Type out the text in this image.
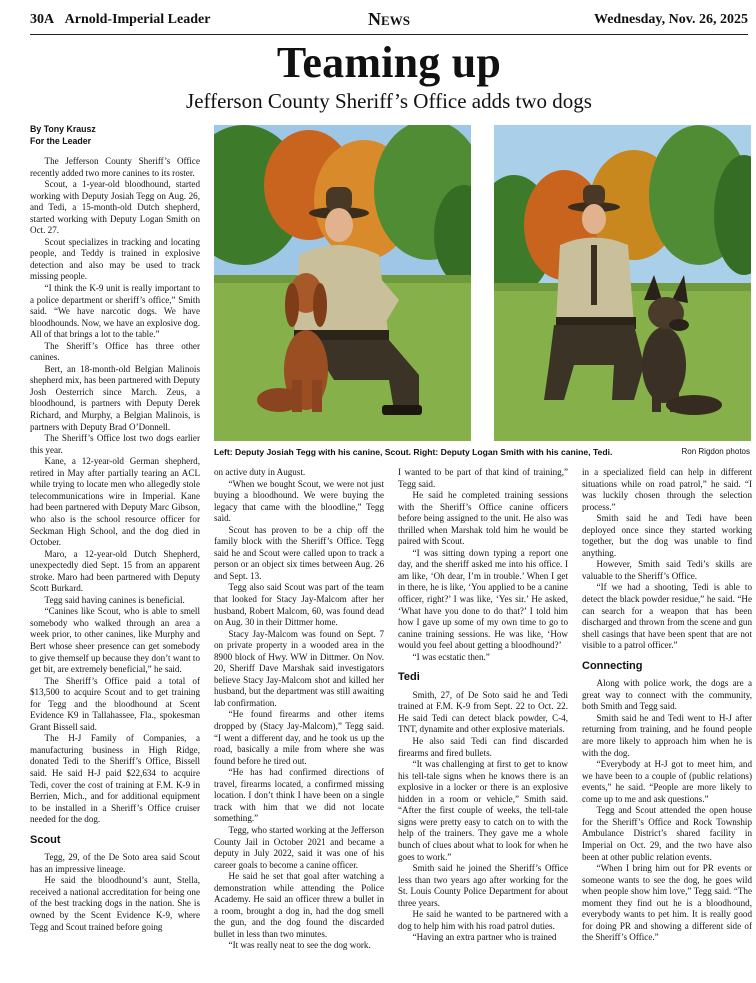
30A Arnold-Imperial Leader	News	Wednesday, Nov. 26, 2025
Teaming up
Jefferson County Sheriff’s Office adds two dogs
Left: Deputy Josiah Tegg with his canine, Scout. Right: Deputy Logan Smith with his canine, Tedi.	Ron Rigdon photos
By Tony Krausz
For the Leader

The Jefferson County Sheriff’s Office recently added two more canines to its roster.

Scout, a 1-year-old bloodhound, started working with Deputy Josiah Tegg on Aug. 26, and Tedi, a 15-month-old Dutch shepherd, started working with Deputy Logan Smith on Oct. 27.

Scout specializes in tracking and locating people, and Teddy is trained in explosive detection and also may be used to track missing people.

“I think the K-9 unit is really important to a police department or sheriff’s office,” Smith said. “We have narcotic dogs. We have bloodhounds. Now, we have an explosive dog. All of that brings a lot to the table.”

The Sheriff’s Office has three other canines.

Bert, an 18-month-old Belgian Malinois shepherd mix, has been partnered with Deputy Josh Oesterrich since March. Zeus, a bloodhound, is partners with Deputy Derek Richard, and Murphy, a Belgian Malinois, is partners with Deputy Brad O’Donnell.

The Sheriff’s Office lost two dogs earlier this year.

Kane, a 12-year-old German shepherd, retired in May after partially tearing an ACL while trying to locate men who allegedly stole telecommunications wire in Imperial. Kane had been partnered with Deputy Marc Gibson, who also is the school resource officer for Seckman High School, and the dog died in October.

Maro, a 12-year-old Dutch Shepherd, unexpectedly died Sept. 15 from an apparent stroke. Maro had been partnered with Deputy Scott Burkard.

Tegg said having canines is beneficial.

“Canines like Scout, who is able to smell somebody who walked through an area a week prior, to other canines, like Murphy and Bert whose sheer presence can get somebody to give themself up because they don’t want to get bit, are extremely beneficial,” he said.

The Sheriff’s Office paid a total of $13,500 to acquire Scout and to get training for Tegg and the bloodhound at Scent Evidence K9 in Tallahassee, Fla., spokesman Grant Bissell said.

The H-J Family of Companies, a manufacturing business in High Ridge, donated Tedi to the Sheriff’s Office, Bissell said. He said H-J paid $22,634 to acquire Tedi, cover the cost of training at F.M. K-9 in Berrien, Mich., and for additional equipment to be installed in a Sheriff’s Office cruiser needed for the dog.

Scout

Tegg, 29, of the De Soto area said Scout has an impressive lineage.

He said the bloodhound’s aunt, Stella, received a national accreditation for being one of the best tracking dogs in the nation. She is owned by the Scent Evidence K-9, where Tegg and Scout trained before going

on active duty in August.

“When we bought Scout, we were not just buying a bloodhound. We were buying the legacy that came with the bloodline,” Tegg said.

Scout has proven to be a chip off the family block with the Sheriff’s Office. Tegg said he and Scout were called upon to track a person or an object six times between Aug. 26 and Sept. 13.

Tegg also said Scout was part of the team that looked for Stacy Jay-Malcom after her husband, Robert Malcom, 60, was found dead on Aug. 30 in their Dittmer home.

Stacy Jay-Malcom was found on Sept. 7 on private property in a wooded area in the 8900 block of Hwy. WW in Dittmer. On Nov. 20, Sheriff Dave Marshak said investigators believe Stacy Jay-Malcom shot and killed her husband, but the department was still awaiting lab confirmation.

“He found firearms and other items dropped by (Stacy Jay-Malcom),” Tegg said. “I went a different day, and he took us up the road, basically a mile from where she was found before he tired out.

“He has had confirmed directions of travel, firearms located, a confirmed missing location. I don’t think I have been on a single track with him that we did not locate something.”

Tegg, who started working at the Jefferson County Jail in October 2021 and became a deputy in July 2022, said it was one of his career goals to become a canine officer.

He said he set that goal after watching a demonstration while attending the Police Academy. He said an officer threw a bullet in a room, brought a dog in, had the dog smell the gun, and the dog found the discarded bullet in less than two minutes.

“It was really neat to see the dog work.

I wanted to be part of that kind of training,” Tegg said.

He said he completed training sessions with the Sheriff’s Office canine officers before being assigned to the unit. He also was thrilled when Marshak told him he would be paired with Scout.

“I was sitting down typing a report one day, and the sheriff asked me into his office. I am like, ‘Oh dear, I’m in trouble.’ When I get in there, he is like, ‘You applied to be a canine officer, right?’ I was like, ‘Yes sir.’ He asked, ‘What have you done to do that?’ I told him how I gave up some of my own time to go to canine training sessions. He was like, ‘How would you feel about getting a bloodhound?’

“I was ecstatic then.”

Tedi

Smith, 27, of De Soto said he and Tedi trained at F.M. K-9 from Sept. 22 to Oct. 22. He said Tedi can detect black powder, C-4, TNT, dynamite and other explosive materials.

He also said Tedi can find discarded firearms and fired bullets.

“It was challenging at first to get to know his tell-tale signs when he knows there is an explosive in a locker or there is an explosive hidden in a room or vehicle,” Smith said. “After the first couple of weeks, the tell-tale signs were pretty easy to catch on to with the help of the trainers. They gave me a whole bunch of clues about what to look for when he goes to work.”

Smith said he joined the Sheriff’s Office less than two years ago after working for the St. Louis County Police Department for about three years.

He said he wanted to be partnered with a dog to help him with his road patrol duties.

“Having an extra partner who is trained

in a specialized field can help in different situations while on road patrol,” he said. “I was luckily chosen through the selection process.”

Smith said he and Tedi have been deployed once since they started working together, but the dog was unable to find anything.

However, Smith said Tedi’s skills are valuable to the Sheriff’s Office.

“If we had a shooting, Tedi is able to detect the black powder residue,” he said. “He can search for a weapon that has been discharged and thrown from the scene and gun shell casings that have been spent that are not visible to a patrol officer.”

Connecting

Along with police work, the dogs are a great way to connect with the community, both Smith and Tegg said.

Smith said he and Tedi went to H-J after returning from training, and he found people are more likely to approach him when he is with the dog.

“Everybody at H-J got to meet him, and we have been to a couple of (public relations) events,” he said. “People are more likely to come up to me and ask questions.”

Tegg and Scout attended the open house for the Sheriff’s Office and Rock Township Ambulance District’s shared facility in Imperial on Oct. 29, and the two have also been at other public relation events.

“When I bring him out for PR events or someone wants to see the dog, he goes wild when people show him love,” Tegg said. “The moment they find out he is a bloodhound, everybody wants to pet him. It is really good for doing PR and showing a different side of the Sheriff’s Office.”
